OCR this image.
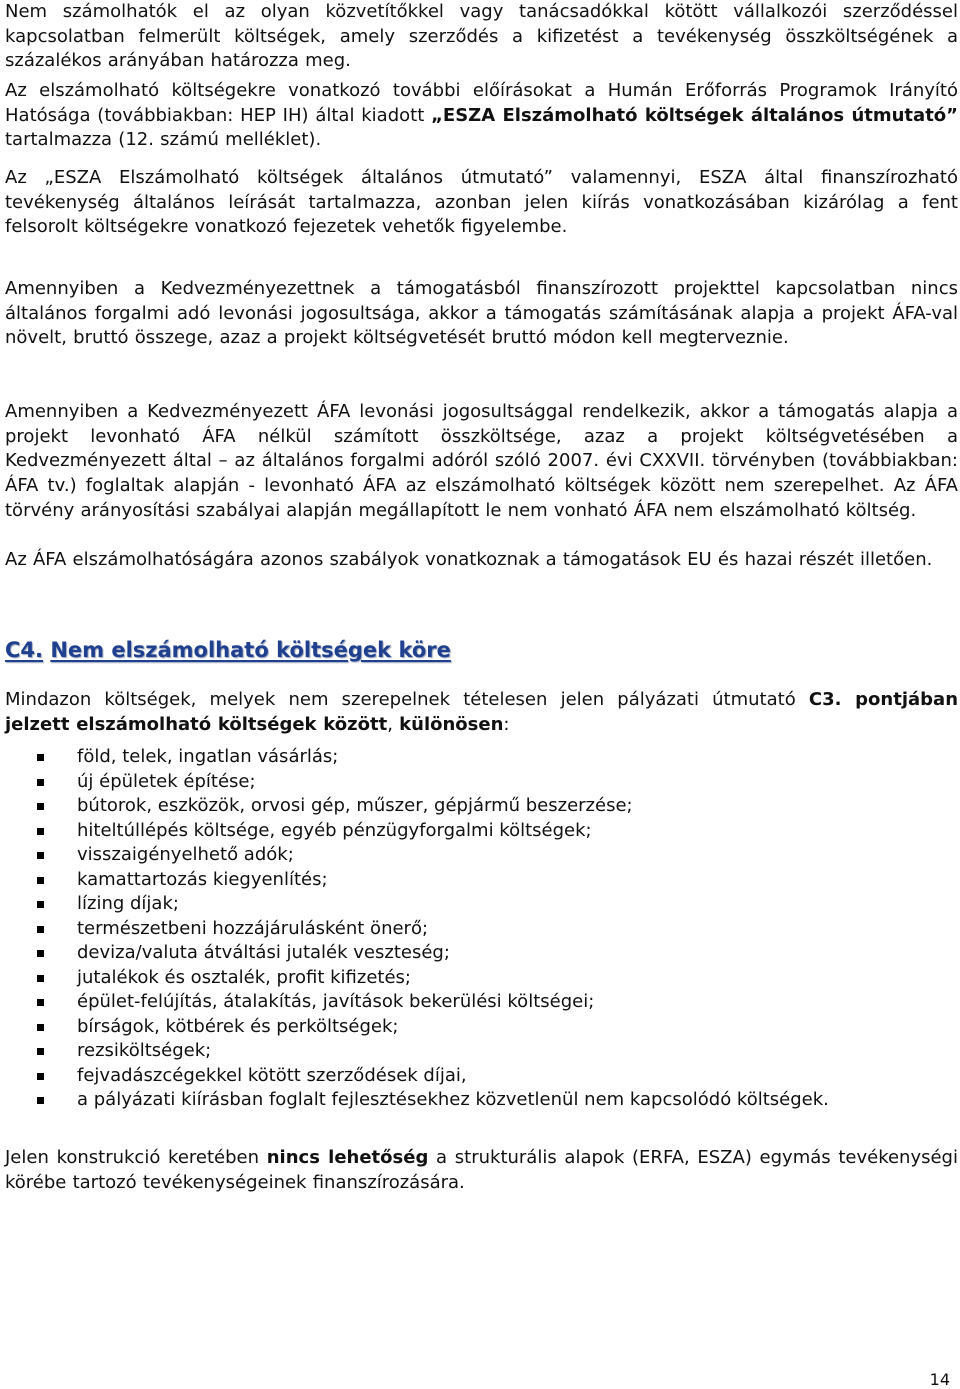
Nem számolhatók el az olyan közvetítőkkel vagy tanácsadókkal kötött vállalkozói szerződéssel kapcsolatban felmerült költségek, amely szerződés a kifizetést a tevékenység összköltségének a százalékos arányában határozza meg.

Az elszámolható költségekre vonatkozó további előírásokat a Humán Erőforrás Programok Irányító Hatósága (továbbiakban: HEP IH) által kiadott „ESZA Elszámolható költségek általános útmutató” tartalmazza (12. számú melléklet).

Az „ESZA Elszámolható költségek általános útmutató” valamennyi, ESZA által finanszírozható tevékenység általános leírását tartalmazza, azonban jelen kiírás vonatkozásában kizárólag a fent felsorolt költségekre vonatkozó fejezetek vehetők figyelembe.

Amennyiben a Kedvezményezettnek a támogatásból finanszírozott projekttel kapcsolatban nincs általános forgalmi adó levonási jogosultsága, akkor a támogatás számításának alapja a projekt ÁFA-val növelt, bruttó összege, azaz a projekt költségvetését bruttó módon kell megterveznie.

Amennyiben a Kedvezményezett ÁFA levonási jogosultsággal rendelkezik, akkor a támogatás alapja a projekt levonható ÁFA nélkül számított összköltsége, azaz a projekt költségvetésében a Kedvezményezett által – az általános forgalmi adóról szóló 2007. évi CXXVII. törvényben (továbbiakban: ÁFA tv.) foglaltak alapján - levonható ÁFA az elszámolható költségek között nem szerepelhet. Az ÁFA törvény arányosítási szabályai alapján megállapított le nem vonható ÁFA nem elszámolható költség.

Az ÁFA elszámolhatóságára azonos szabályok vonatkoznak a támogatások EU és hazai részét illetően.

C4. Nem elszámolható költségek köre

Mindazon költségek, melyek nem szerepelnek tételesen jelen pályázati útmutató C3. pontjában jelzett elszámolható költségek között, különösen:

föld, telek, ingatlan vásárlás;
új épületek építése;
bútorok, eszközök, orvosi gép, műszer, gépjármű beszerzése;
hiteltúllépés költsége, egyéb pénzügyforgalmi költségek;
visszaigényelhető adók;
kamattartozás kiegyenlítés;
lízing díjak;
természetbeni hozzájárulásként önerő;
deviza/valuta átváltási jutalék veszteség;
jutalékok és osztalék, profit kifizetés;
épület-felújítás, átalakítás, javítások bekerülési költségei;
bírságok, kötbérek és perköltségek;
rezsiköltségek;
fejvadászcégekkel kötött szerződések díjai,
a pályázati kiírásban foglalt fejlesztésekhez közvetlenül nem kapcsolódó költségek.

Jelen konstrukció keretében nincs lehetőség a strukturális alapok (ERFA, ESZA) egymás tevékenységi körébe tartozó tevékenységeinek finanszírozására.

14
